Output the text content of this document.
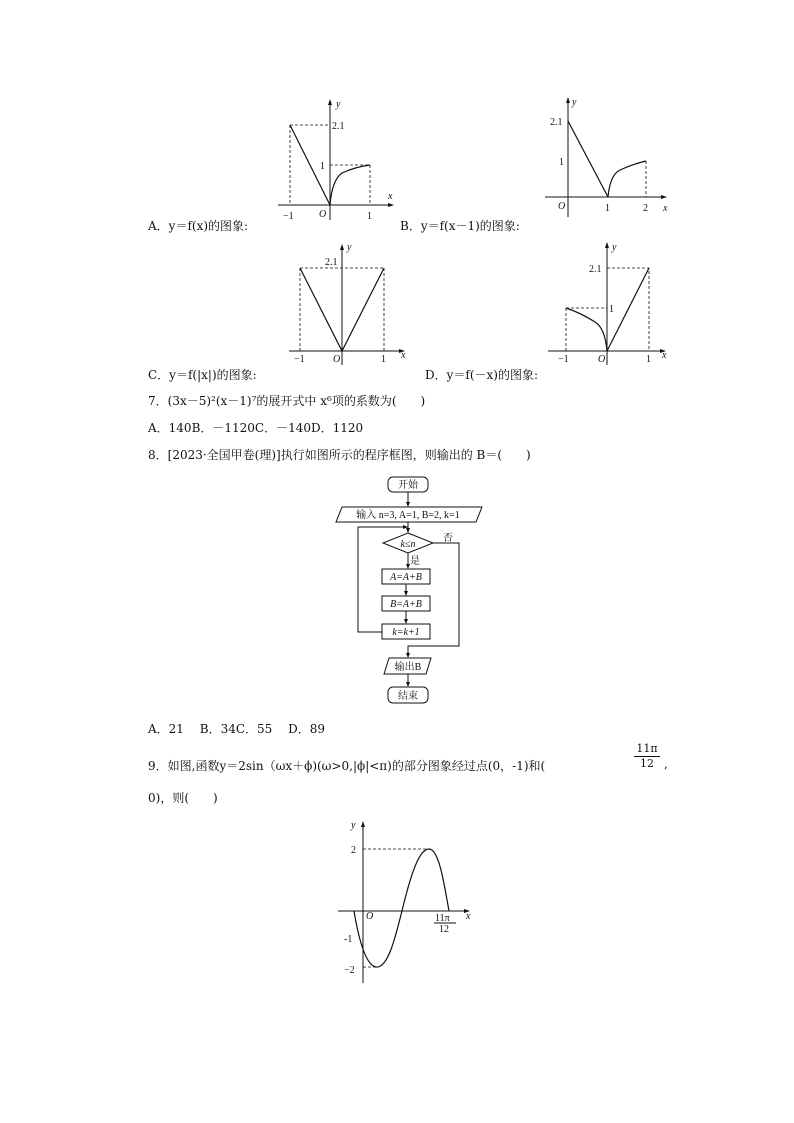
y
x
2.1
1
−1	O	1
y
x
2.1
1
O	1	2
A．y＝f(x)的图象:	B．y＝f(x－1)的图象:
y
x
2.1
−1	O	1
y
x
2.1
1
−1	O	1
C．y＝f(|x|)的图象:	D．y＝f(－x)的图象:
7．(3x－5)²(x－1)⁷的展开式中 x⁶项的系数为(　　)
A．140B．－1120C．－140D．1120
8．[2023·全国甲卷(理)]执行如图所示的程序框图，则输出的 B＝(　　)
开始
输入 n=3, A=1, B=2, k=1
k≤n
否
是
A=A+B
B=A+B
k=k+1
输出B
结束
A．21　 B．34C．55　 D．89
9．如图,函数y＝2sin（ωx＋ϕ)(ω>0,|ϕ|<π)的部分图象经过点(0，-1)和(	$\frac{11\pi}{12}$ ,
0)，则(　　)
y
x
2
-1
−2
O	11π
12
